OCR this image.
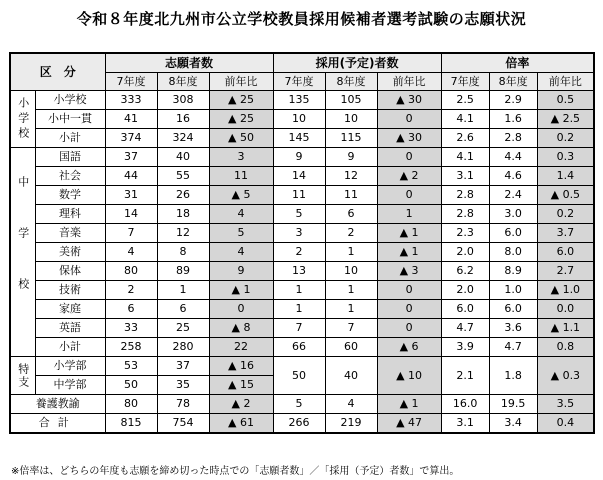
令和８年度北九州市公立学校教員採用候補者選考試験の志願状況
区　分		志願者数			採用(予定)者数			倍率		
		7年度	8年度	前年比	7年度	8年度	前年比	7年度	8年度	前年比
小学校	小学校	333	308	▲ 25	135	105	▲ 30	2.5	2.9	0.5
	小中一貫	41	16	▲ 25	10	10	0	4.1	1.6	▲ 2.5
	小計	374	324	▲ 50	145	115	▲ 30	2.6	2.8	0.2
中学校	国語	37	40	3	9	9	0	4.1	4.4	0.3
	社会	44	55	11	14	12	▲ 2	3.1	4.6	1.4
	数学	31	26	▲ 5	11	11	0	2.8	2.4	▲ 0.5
	理科	14	18	4	5	6	1	2.8	3.0	0.2
	音楽	7	12	5	3	2	▲ 1	2.3	6.0	3.7
	美術	4	8	4	2	1	▲ 1	2.0	8.0	6.0
	保体	80	89	9	13	10	▲ 3	6.2	8.9	2.7
	技術	2	1	▲ 1	1	1	0	2.0	1.0	▲ 1.0
	家庭	6	6	0	1	1	0	6.0	6.0	0.0
	英語	33	25	▲ 8	7	7	0	4.7	3.6	▲ 1.1
	小計	258	280	22	66	60	▲ 6	3.9	4.7	0.8
特支	小学部	53	37	▲ 16	50	40	▲ 10	2.1	1.8	▲ 0.3
	中学部	50	35	▲ 15						
養護教諭		80	78	▲ 2	5	4	▲ 1	16.0	19.5	3.5
合計		815	754	▲ 61	266	219	▲ 47	3.1	3.4	0.4
※倍率は、どちらの年度も志願を締め切った時点での「志願者数」／「採用（予定）者数」で算出。
